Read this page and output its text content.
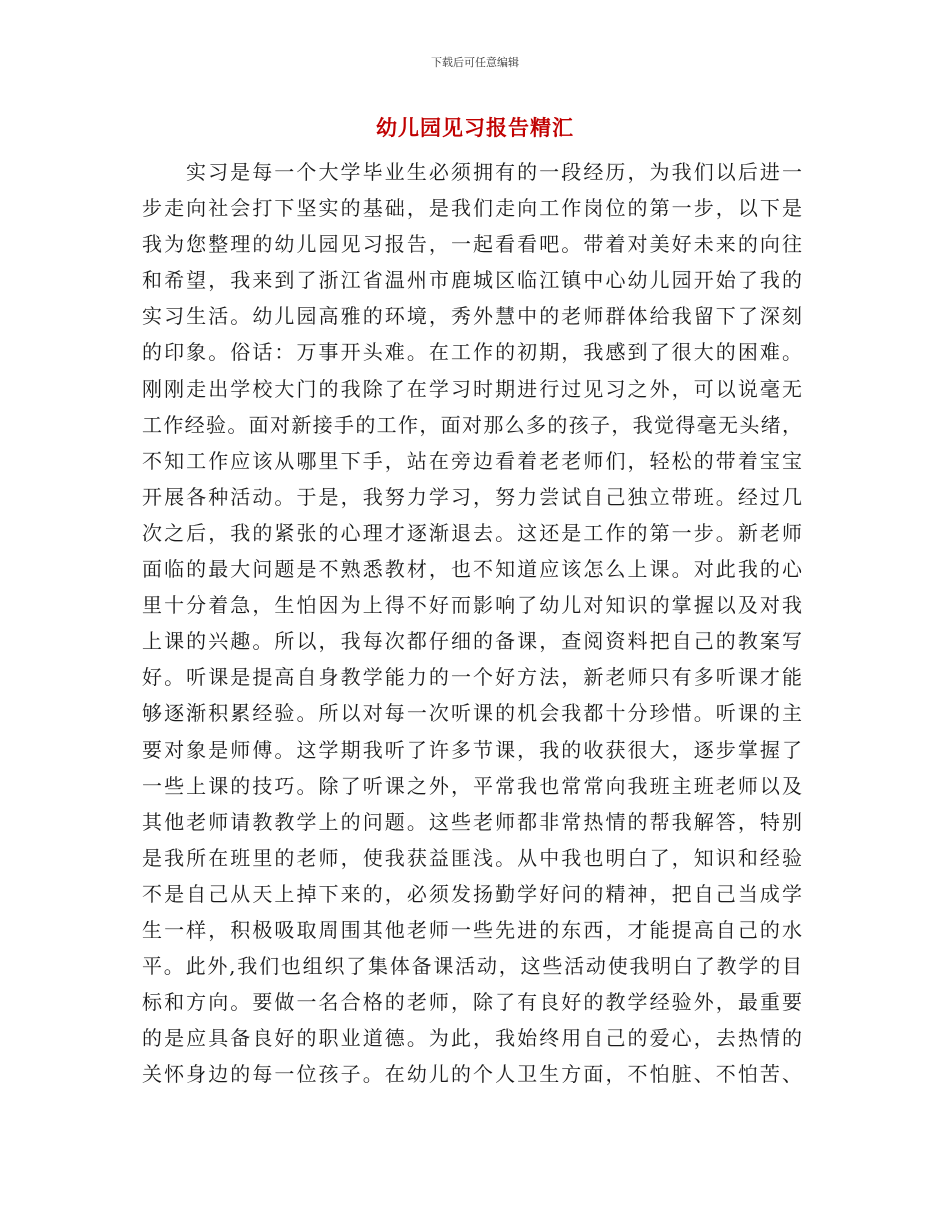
下载后可任意编辑
幼儿园见习报告精汇
实习是每一个大学毕业生必须拥有的一段经历，为我们以后进一
步走向社会打下坚实的基础，是我们走向工作岗位的第一步，以下是
我为您整理的幼儿园见习报告，一起看看吧。带着对美好未来的向往
和希望，我来到了浙江省温州市鹿城区临江镇中心幼儿园开始了我的
实习生活。幼儿园高雅的环境，秀外慧中的老师群体给我留下了深刻
的印象。俗话：万事开头难。在工作的初期，我感到了很大的困难。
刚刚走出学校大门的我除了在学习时期进行过见习之外，可以说毫无
工作经验。面对新接手的工作，面对那么多的孩子，我觉得毫无头绪，
不知工作应该从哪里下手，站在旁边看着老老师们，轻松的带着宝宝
开展各种活动。于是，我努力学习，努力尝试自己独立带班。经过几
次之后，我的紧张的心理才逐渐退去。这还是工作的第一步。新老师
面临的最大问题是不熟悉教材，也不知道应该怎么上课。对此我的心
里十分着急，生怕因为上得不好而影响了幼儿对知识的掌握以及对我
上课的兴趣。所以，我每次都仔细的备课，查阅资料把自己的教案写
好。听课是提高自身教学能力的一个好方法，新老师只有多听课才能
够逐渐积累经验。所以对每一次听课的机会我都十分珍惜。听课的主
要对象是师傅。这学期我听了许多节课，我的收获很大，逐步掌握了
一些上课的技巧。除了听课之外，平常我也常常向我班主班老师以及
其他老师请教教学上的问题。这些老师都非常热情的帮我解答，特别
是我所在班里的老师，使我获益匪浅。从中我也明白了，知识和经验
不是自己从天上掉下来的，必须发扬勤学好问的精神，把自己当成学
生一样，积极吸取周围其他老师一些先进的东西，才能提高自己的水
平。此外,我们也组织了集体备课活动，这些活动使我明白了教学的目
标和方向。要做一名合格的老师，除了有良好的教学经验外，最重要
的是应具备良好的职业道德。为此，我始终用自己的爱心，去热情的
关怀身边的每一位孩子。在幼儿的个人卫生方面，不怕脏、不怕苦、
